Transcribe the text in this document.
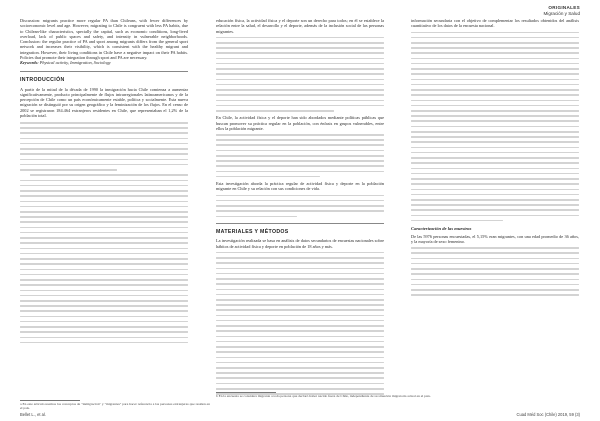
ORIGINALES
Migración y Salud

Discussion: migrants practice more regular PA than Chileans, with fewer differences by socioeconomic level and age. However, migrating to Chile is congruent with less PA habits, due to Chilean-like characteristics, specially the capital, such as economic conditions, long-lived overload, lack of public spaces and safety, and intensity in vulnerable neighborhoods. Conclusion: the regular practice of PA and sport among migrants differs from the general sport network and increases their visibility, which is consistent with the healthy migrant and integration. However, their living conditions in Chile have a negative impact on their PA habits. Policies that promote their integration through sport and PA are necessary.

Keywords: Physical activity, Immigration, Sociology

INTRODUCCIÓN

A partir de la mitad de la década de 1990 la inmigración hacia Chile comienza a aumentar significativamente, producto principalmente de flujos intrarregionales latinoamericanos y de la percepción de Chile como un país económicamente estable, política y socialmente. Esta nueva migración se distinguió por su origen geográfico y la feminización de los flujos. En el censo de 2002 se registraron 184.464 extranjeros residentes en Chile, que representaban el 1,2% de la población total.

a En este artículo usamos los conceptos de "inmigración" y "migrantes" para hacer referencia a las personas extranjeras que residen en el país.

educación física, la actividad física y el deporte son un derecho para todos; en él se establece la relación entre la salud, el desarrollo y el deporte, además de la inclusión social de las personas migrantes.

En Chile, la actividad física y el deporte han sido abordados mediante políticas públicas que buscan promover su práctica regular en la población, con énfasis en grupos vulnerables, entre ellos la población migrante.

Esta investigación aborda la práctica regular de actividad física y deporte en la población migrante en Chile y su relación con sus condiciones de vida.

MATERIALES Y MÉTODOS

La investigación realizada se basa en análisis de datos secundarios de encuestas nacionales sobre hábitos de actividad física y deporte en población de 18 años y más.

información secundaria con el objetivo de complementar los resultados obtenidos del análisis cuantitativo de los datos de la encuesta nacional.

Caracterización de las muestras

De las 5976 personas encuestadas, el 5,15% eran migrantes, con una edad promedio de 36 años, y la mayoría de sexo femenino.

b En la encuesta se considera migrante a toda persona que declaró haber nacido fuera de Chile, independiente de su situación migratoria actual en el país.
Bellet L., et al.	Cuad Méd Soc (Chile) 2019, 59 (3)
